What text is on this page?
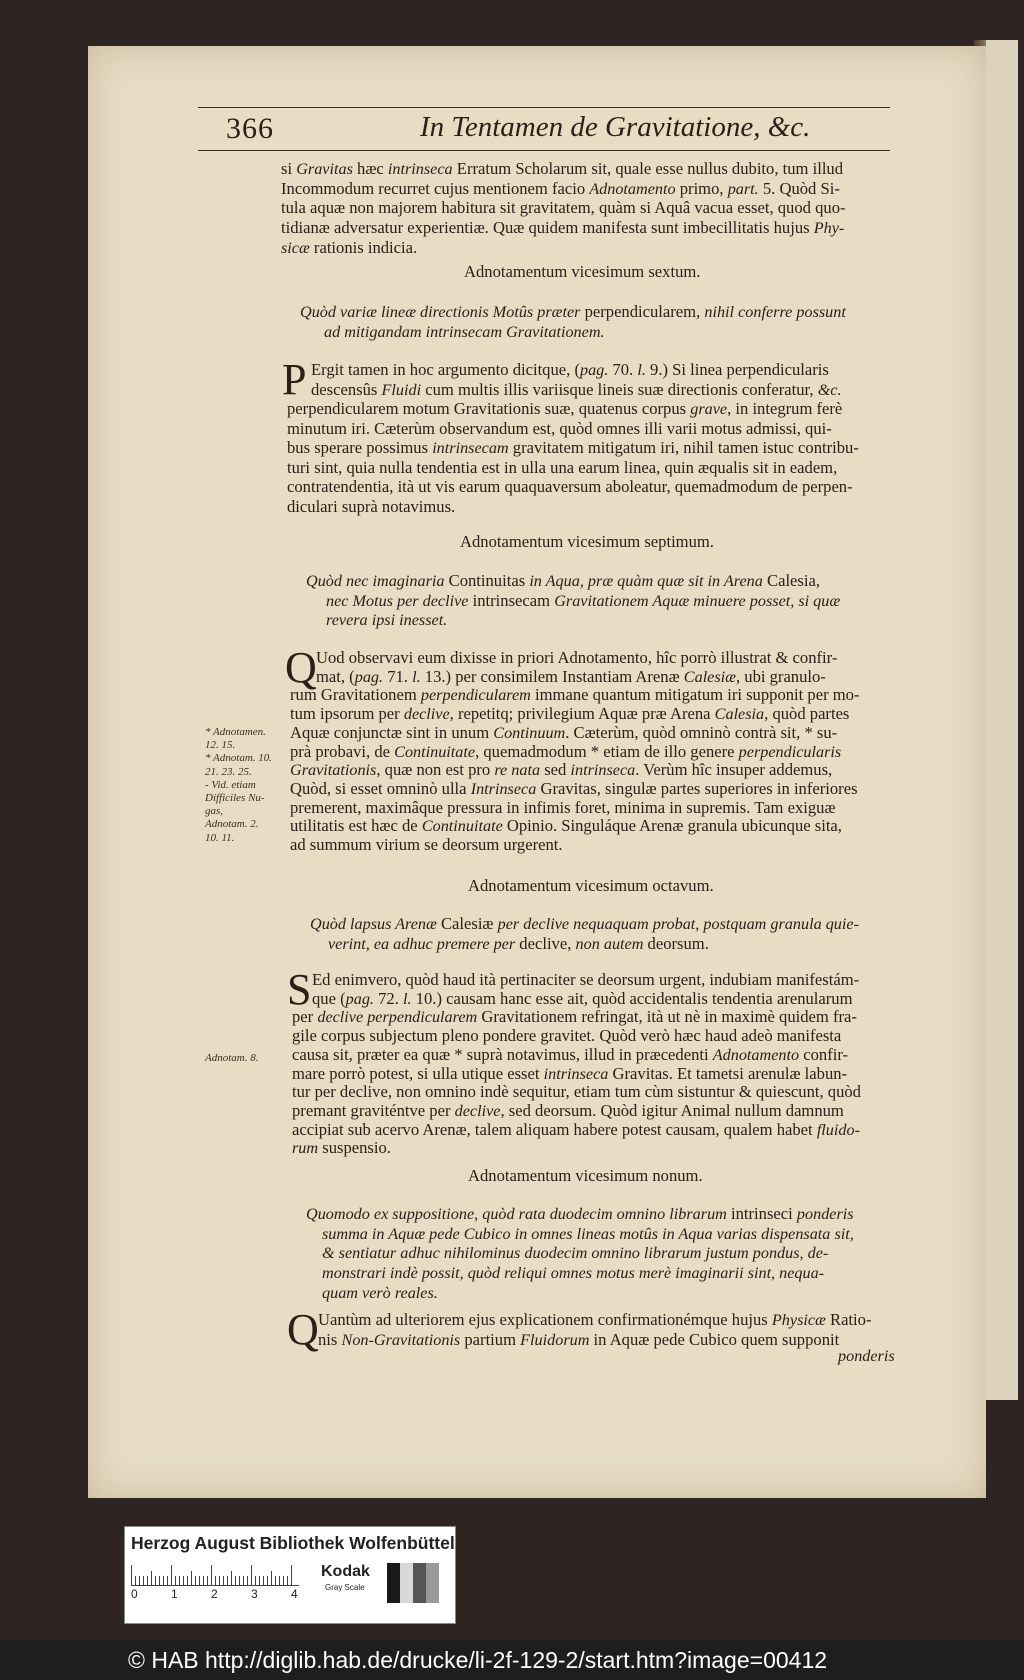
366	In Tentamen de Gravitatione, &c.
si Gravitas hæc intrinseca Erratum Scholarum sit, quale esse nullus dubito, tum illud
Incommodum recurret cujus mentionem facio Adnotamento primo, part. 5. Quòd Si-
tula aquæ non majorem habitura sit gravitatem, quàm si Aquâ vacua esset, quod quo-
tidianæ adversatur experientiæ. Quæ quidem manifesta sunt imbecillitatis hujus Phy-
sicæ rationis indicia.
Quòd variæ lineæ directionis Motûs præter perpendicularem, nihil conferre possunt
ad mitigandam intrinsecam Gravitationem.
Ergit tamen in hoc argumento dicitque, (pag. 70. l. 9.) Si linea perpendicularis
descensûs Fluidi cum multis illis variisque lineis suæ directionis conferatur, &c.
perpendicularem motum Gravitationis suæ, quatenus corpus grave, in integrum ferè
minutum iri. Cæterùm observandum est, quòd omnes illi varii motus admissi, qui-
bus sperare possimus intrinsecam gravitatem mitigatum iri, nihil tamen istuc contribu-
turi sint, quia nulla tendentia est in ulla una earum linea, quin æqualis sit in eadem,
contratendentia, ità ut vis earum quaquaversum aboleatur, quemadmodum de perpen-
diculari suprà notavimus.
Quòd nec imaginaria Continuitas in Aqua, præ quàm quæ sit in Arena Calesia,
nec Motus per declive intrinsecam Gravitationem Aquæ minuere posset, si quæ
revera ipsi inesset.
Uod observavi eum dixisse in priori Adnotamento, hîc porrò illustrat & confir-
mat, (pag. 71. l. 13.) per consimilem Instantiam Arenæ Calesiæ, ubi granulo-
rum Gravitationem perpendicularem immane quantum mitigatum iri supponit per mo-
tum ipsorum per declive, repetitq; privilegium Aquæ præ Arena Calesia, quòd partes
Aquæ conjunctæ sint in unum Continuum. Cæterùm, quòd omninò contrà sit, * su-
prà probavi, de Continuitate, quemadmodum * etiam de illo genere perpendicularis
Gravitationis, quæ non est pro re nata sed intrinseca. Verùm hîc insuper addemus,
Quòd, si esset omninò ulla Intrinseca Gravitas, singulæ partes superiores in inferiores
premerent, maximâque pressura in infimis foret, minima in supremis. Tam exiguæ
utilitatis est hæc de Continuitate Opinio. Singuláque Arenæ granula ubicunque sita,
ad summum virium se deorsum urgerent.
Quòd lapsus Arenæ Calesiæ per declive nequaquam probat, postquam granula quie-
verint, ea adhuc premere per declive, non autem deorsum.
Ed enimvero, quòd haud ità pertinaciter se deorsum urgent, indubiam manifestám-
que (pag. 72. l. 10.) causam hanc esse ait, quòd accidentalis tendentia arenularum
per declive perpendicularem Gravitationem refringat, ità ut nè in maximè quidem fra-
gile corpus subjectum pleno pondere gravitet. Quòd verò hæc haud adeò manifesta
causa sit, præter ea quæ * suprà notavimus, illud in præcedenti Adnotamento confir-
mare porrò potest, si ulla utique esset intrinseca Gravitas. Et tametsi arenulæ labun-
tur per declive, non omnino indè sequitur, etiam tum cùm sistuntur & quiescunt, quòd
premant graviténtve per declive, sed deorsum. Quòd igitur Animal nullum damnum
accipiat sub acervo Arenæ, talem aliquam habere potest causam, qualem habet fluido-
rum suspensio.
Quomodo ex suppositione, quòd rata duodecim omnino librarum intrinseci ponderis
summa in Aquæ pede Cubico in omnes lineas motûs in Aqua varias dispensata sit,
& sentiatur adhuc nihilominus duodecim omnino librarum justum pondus, de-
monstrari indè possit, quòd reliqui omnes motus merè imaginarii sint, nequa-
quam verò reales.
Uantùm ad ulteriorem ejus explicationem confirmationémque hujus Physicæ Ratio-
nis Non-Gravitationis partium Fluidorum in Aquæ pede Cubico quem supponit
* Adnotamen.
12. 15.
* Adnotam. 10.
21. 23. 25.
‑ Vid. etiam
Difficiles Nu-
gas,
Adnotam. 2.
10. 11.
Adnotam. 8.
Adnotamentum vicesimum sextum.
Adnotamentum vicesimum septimum.
Adnotamentum vicesimum octavum.
Adnotamentum vicesimum nonum.
P
Q
S
Q
ponderis
Herzog August Bibliothek Wolfenbüttel
0	1	2	3	4
Kodak
Gray Scale
© HAB http://diglib.hab.de/drucke/li-2f-129-2/start.htm?image=00412
